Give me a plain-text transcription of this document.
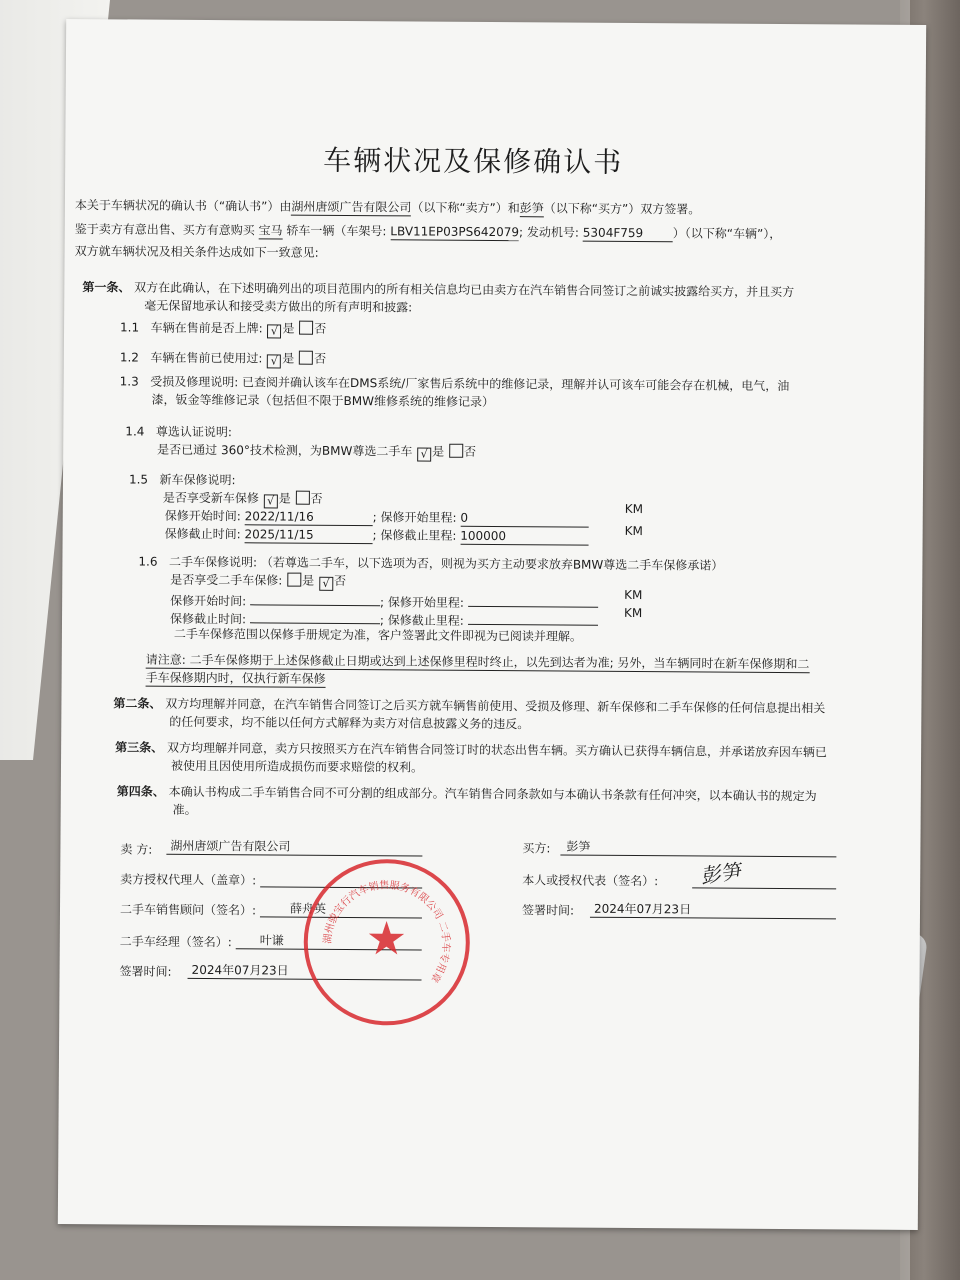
车辆状况及保修确认书
本关于车辆状况的确认书（“确认书”）由湖州唐颂广告有限公司（以下称“卖方”）和彭笋（以下称“买方”）双方签署。
鉴于卖方有意出售、买方有意购买 宝马 轿车一辆（车架号: LBV11EP03PS642079; 发动机号: 5304F759 ）（以下称“车辆”），
双方就车辆状况及相关条件达成如下一致意见:
第一条、 双方在此确认，在下述明确列出的项目范围内的所有相关信息均已由卖方在汽车销售合同签订之前诚实披露给买方，并且买方
毫无保留地承认和接受卖方做出的所有声明和披露:
1.1 车辆在售前是否上牌: √ 是 否
1.2 车辆在售前已使用过: √ 是 否
1.3 受损及修理说明: 已查阅并确认该车在DMS系统/厂家售后系统中的维修记录，理解并认可该车可能会存在机械，电气，油
漆，钣金等维修记录（包括但不限于BMW维修系统的维修记录）
1.4 尊选认证说明:
是否已通过 360°技术检测，为BMW尊选二手车 √ 是 否
1.5 新车保修说明:
是否享受新车保修 √ 是 否
保修开始时间: 2022/11/16	; 保修开始里程: 0
KM
保修截止时间: 2025/11/15	; 保修截止里程: 100000	KM
1.6 二手车保修说明: （若尊选二手车，以下选项为否，则视为买方主动要求放弃BMW尊选二手车保修承诺）
是否享受二手车保修: 是 √ 否
保修开始时间:	; 保修开始里程:
KM
保修截止时间:	; 保修截止里程:
KM
二手车保修范围以保修手册规定为准，客户签署此文件即视为已阅读并理解。
请注意: 二手车保修期于上述保修截止日期或达到上述保修里程时终止，以先到达者为准; 另外，当车辆同时在新车保修期和二
手车保修期内时，仅执行新车保修
第二条、 双方均理解并同意，在汽车销售合同签订之后买方就车辆售前使用、受损及修理、新车保修和二手车保修的任何信息提出相关
的任何要求，均不能以任何方式解释为卖方对信息披露义务的违反。
第三条、 双方均理解并同意，卖方只按照买方在汽车销售合同签订时的状态出售车辆。买方确认已获得车辆信息，并承诺放弃因车辆已
被使用且因使用所造成损伤而要求赔偿的权利。
第四条、 本确认书构成二手车销售合同不可分割的组成部分。汽车销售合同条款如与本确认书条款有任何冲突，以本确认书的规定为
准。
卖 方: 湖州唐颂广告有限公司
卖方授权代理人（盖章）:
二手车销售顾问（签名）:	薛舟英
二手车经理（签名）: 叶谦
签署时间: 2024年07月23日
买方: 彭笋
本人或授权代表（签名）: 彭笋
签署时间: 2024年07月23日
★
湖州骏宝行汽车销售服务有限公司 二手车专用章
